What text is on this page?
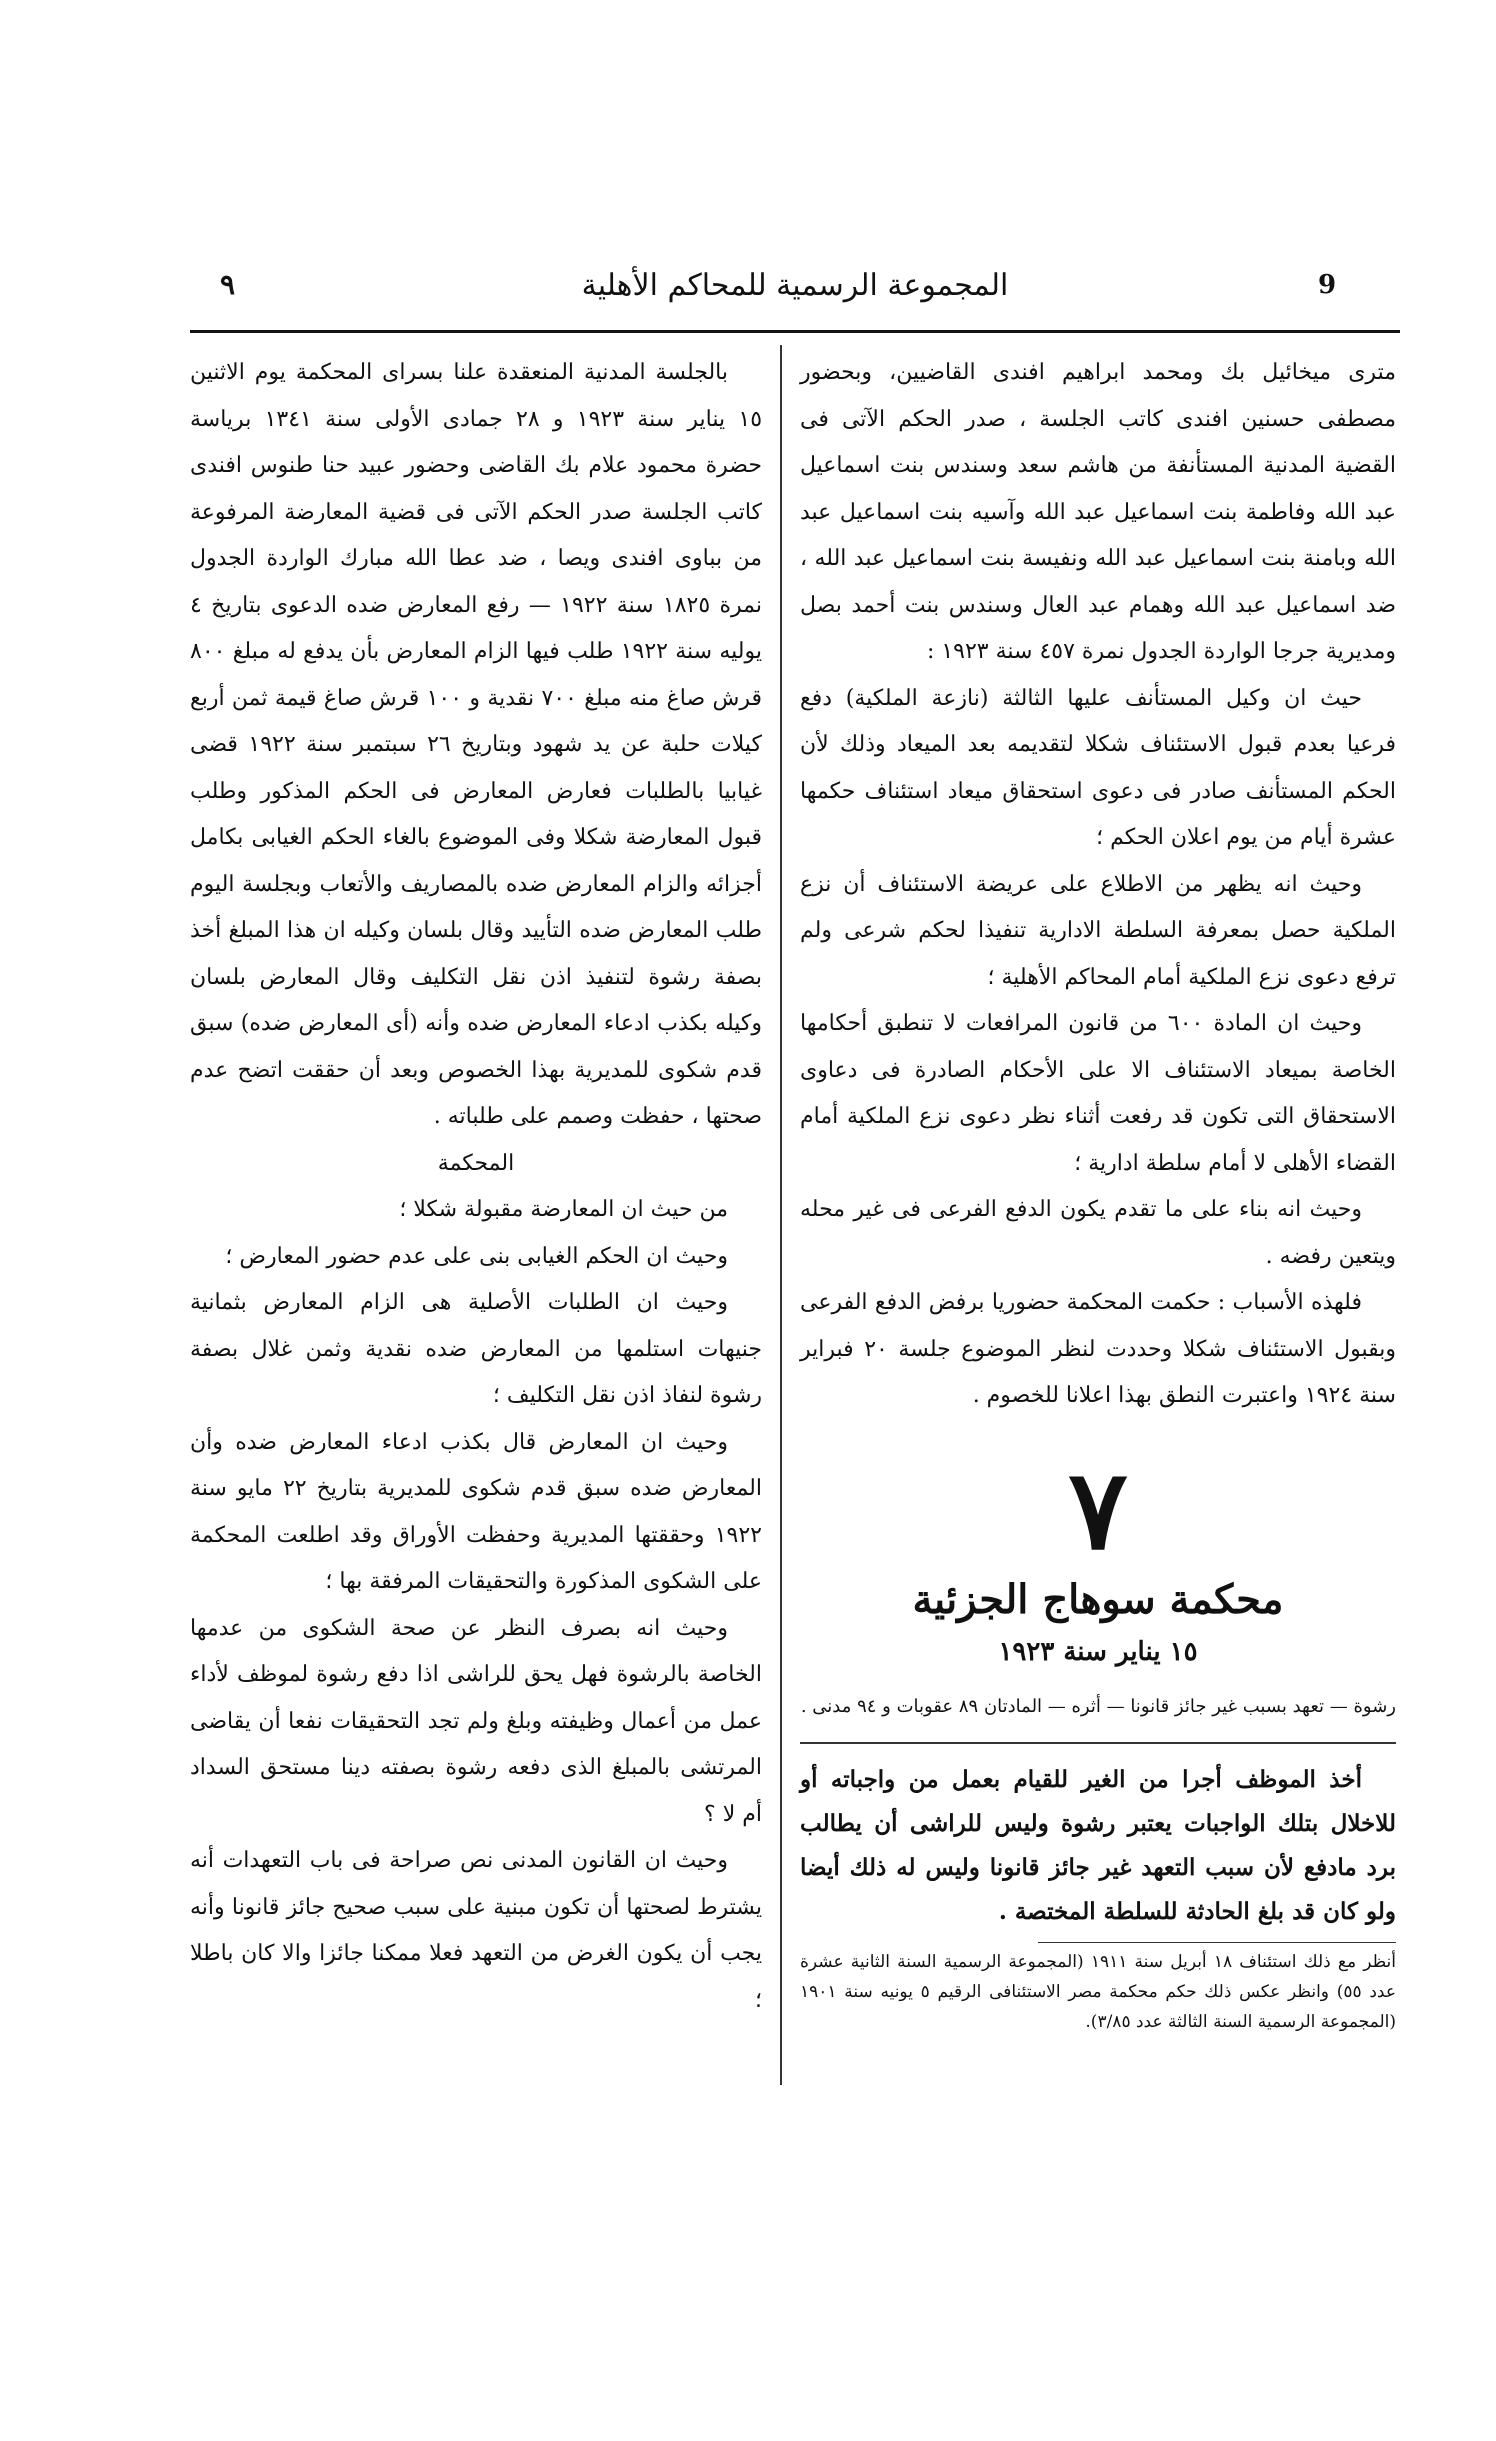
9
٩	المجموعة الرسمية للمحاكم الأهلية

مترى ميخائيل بك ومحمد ابراهيم افندى القاضيين، وبحضور مصطفى حسنين افندى كاتب الجلسة ، صدر الحكم الآتى فى القضية المدنية المستأنفة من هاشم سعد وسندس بنت اسماعيل عبد الله وفاطمة بنت اسماعيل عبد الله وآسيه بنت اسماعيل عبد الله وبامنة بنت اسماعيل عبد الله ونفيسة بنت اسماعيل عبد الله ، ضد اسماعيل عبد الله وهمام عبد العال وسندس بنت أحمد بصل ومديرية جرجا الواردة الجدول نمرة ٤٥٧ سنة ١٩٢٣ :

حيث ان وكيل المستأنف عليها الثالثة (نازعة الملكية) دفع فرعيا بعدم قبول الاستئناف شكلا لتقديمه بعد الميعاد وذلك لأن الحكم المستأنف صادر فى دعوى استحقاق ميعاد استئناف حكمها عشرة أيام من يوم اعلان الحكم ؛

وحيث انه يظهر من الاطلاع على عريضة الاستئناف أن نزع الملكية حصل بمعرفة السلطة الادارية تنفيذا لحكم شرعى ولم ترفع دعوى نزع الملكية أمام المحاكم الأهلية ؛

وحيث ان المادة ٦٠٠ من قانون المرافعات لا تنطبق أحكامها الخاصة بميعاد الاستئناف الا على الأحكام الصادرة فى دعاوى الاستحقاق التى تكون قد رفعت أثناء نظر دعوى نزع الملكية أمام القضاء الأهلى لا أمام سلطة ادارية ؛

وحيث انه بناء على ما تقدم يكون الدفع الفرعى فى غير محله ويتعين رفضه .

فلهذه الأسباب : حكمت المحكمة حضوريا برفض الدفع الفرعى وبقبول الاستئناف شكلا وحددت لنظر الموضوع جلسة ٢٠ فبراير سنة ١٩٢٤ واعتبرت النطق بهذا اعلانا للخصوم .

٧
محكمة سوهاج الجزئية
١٥ يناير سنة ١٩٢٣

رشوة — تعهد بسبب غير جائز قانونا — أثره — المادتان ٨٩ عقوبات و ٩٤ مدنى .

أخذ الموظف أجرا من الغير للقيام بعمل من واجباته أو للاخلال بتلك الواجبات يعتبر رشوة وليس للراشى أن يطالب برد مادفع لأن سبب التعهد غير جائز قانونا وليس له ذلك أيضا ولو كان قد بلغ الحادثة للسلطة المختصة .

أنظر مع ذلك استئناف ١٨ أبريل سنة ١٩١١ (المجموعة الرسمية السنة الثانية عشرة عدد ٥٥) وانظر عكس ذلك حكم محكمة مصر الاستئنافى الرقيم ٥ يونيه سنة ١٩٠١ (المجموعة الرسمية السنة الثالثة عدد ٣/٨٥).

بالجلسة المدنية المنعقدة علنا بسراى المحكمة يوم الاثنين ١٥ يناير سنة ١٩٢٣ و ٢٨ جمادى الأولى سنة ١٣٤١ برياسة حضرة محمود علام بك القاضى وحضور عبيد حنا طنوس افندى كاتب الجلسة صدر الحكم الآتى فى قضية المعارضة المرفوعة من بباوى افندى ويصا ، ضد عطا الله مبارك الواردة الجدول نمرة ١٨٢٥ سنة ١٩٢٢ — رفع المعارض ضده الدعوى بتاريخ ٤ يوليه سنة ١٩٢٢ طلب فيها الزام المعارض بأن يدفع له مبلغ ٨٠٠ قرش صاغ منه مبلغ ٧٠٠ نقدية و ١٠٠ قرش صاغ قيمة ثمن أربع كيلات حلبة عن يد شهود وبتاريخ ٢٦ سبتمبر سنة ١٩٢٢ قضى غيابيا بالطلبات فعارض المعارض فى الحكم المذكور وطلب قبول المعارضة شكلا وفى الموضوع بالغاء الحكم الغيابى بكامل أجزائه والزام المعارض ضده بالمصاريف والأتعاب وبجلسة اليوم طلب المعارض ضده التأييد وقال بلسان وكيله ان هذا المبلغ أخذ بصفة رشوة لتنفيذ اذن نقل التكليف وقال المعارض بلسان وكيله بكذب ادعاء المعارض ضده وأنه (أى المعارض ضده) سبق قدم شكوى للمديرية بهذا الخصوص وبعد أن حققت اتضح عدم صحتها ، حفظت وصمم على طلباته .

المحكمة

من حيث ان المعارضة مقبولة شكلا ؛

وحيث ان الحكم الغيابى بنى على عدم حضور المعارض ؛

وحيث ان الطلبات الأصلية هى الزام المعارض بثمانية جنيهات استلمها من المعارض ضده نقدية وثمن غلال بصفة رشوة لنفاذ اذن نقل التكليف ؛

وحيث ان المعارض قال بكذب ادعاء المعارض ضده وأن المعارض ضده سبق قدم شكوى للمديرية بتاريخ ٢٢ مايو سنة ١٩٢٢ وحققتها المديرية وحفظت الأوراق وقد اطلعت المحكمة على الشكوى المذكورة والتحقيقات المرفقة بها ؛

وحيث انه بصرف النظر عن صحة الشكوى من عدمها الخاصة بالرشوة فهل يحق للراشى اذا دفع رشوة لموظف لأداء عمل من أعمال وظيفته وبلغ ولم تجد التحقيقات نفعا أن يقاضى المرتشى بالمبلغ الذى دفعه رشوة بصفته دينا مستحق السداد أم لا ؟

وحيث ان القانون المدنى نص صراحة فى باب التعهدات أنه يشترط لصحتها أن تكون مبنية على سبب صحيح جائز قانونا وأنه يجب أن يكون الغرض من التعهد فعلا ممكنا جائزا والا كان باطلا ؛
